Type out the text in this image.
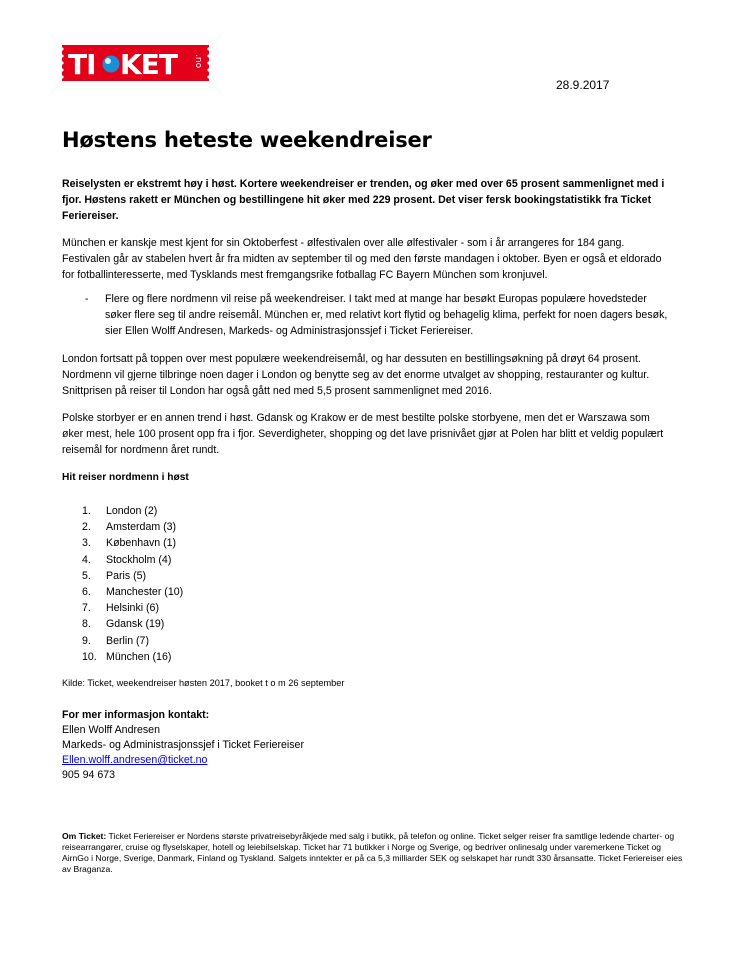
TI KET .no
28.9.2017
Høstens heteste weekendreiser

Reiselysten er ekstremt høy i høst. Kortere weekendreiser er trenden, og øker med over 65 prosent sammenlignet med i fjor. Høstens rakett er München og bestillingene hit øker med 229 prosent. Det viser fersk bookingstatistikk fra Ticket Feriereiser.

München er kanskje mest kjent for sin Oktoberfest - ølfestivalen over alle ølfestivaler - som i år arrangeres for 184 gang. Festivalen går av stabelen hvert år fra midten av september til og med den første mandagen i oktober. Byen er også et eldorado for fotballinteresserte, med Tysklands mest fremgangsrike fotballag FC Bayern München som kronjuvel.

- Flere og flere nordmenn vil reise på weekendreiser. I takt med at mange har besøkt Europas populære hovedsteder søker flere seg til andre reisemål. München er, med relativt kort flytid og behagelig klima, perfekt for noen dagers besøk, sier Ellen Wolff Andresen, Markeds- og Administrasjonssjef i Ticket Feriereiser.

London fortsatt på toppen over mest populære weekendreisemål, og har dessuten en bestillingsøkning på drøyt 64 prosent. Nordmenn vil gjerne tilbringe noen dager i London og benytte seg av det enorme utvalget av shopping, restauranter og kultur. Snittprisen på reiser til London har også gått ned med 5,5 prosent sammenlignet med 2016.

Polske storbyer er en annen trend i høst. Gdansk og Krakow er de mest bestilte polske storbyene, men det er Warszawa som øker mest, hele 100 prosent opp fra i fjor. Severdigheter, shopping og det lave prisnivået gjør at Polen har blitt et veldig populært reisemål for nordmenn året rundt.

Hit reiser nordmenn i høst
1. London (2)
2. Amsterdam (3)
3. København (1)
4. Stockholm (4)
5. Paris (5)
6. Manchester (10)
7. Helsinki (6)
8. Gdansk (19)
9. Berlin (7)
10. München (16)
Kilde: Ticket, weekendreiser høsten 2017, booket t o m 26 september
For mer informasjon kontakt:
Ellen Wolff Andresen
Markeds- og Administrasjonssjef i Ticket Feriereiser
Ellen.wolff.andresen@ticket.no
905 94 673

Om Ticket: Ticket Feriereiser er Nordens største privatreisebyråkjede med salg i butikk, på telefon og online. Ticket selger reiser fra samtlige ledende charter- og reisearrangører, cruise og flyselskaper, hotell og leiebilselskap. Ticket har 71 butikker i Norge og Sverige, og bedriver onlinesalg under varemerkene Ticket og AirnGo i Norge, Sverige, Danmark, Finland og Tyskland. Salgets inntekter er på ca 5,3 milliarder SEK og selskapet har rundt 330 årsansatte. Ticket Feriereiser eies av Braganza.
